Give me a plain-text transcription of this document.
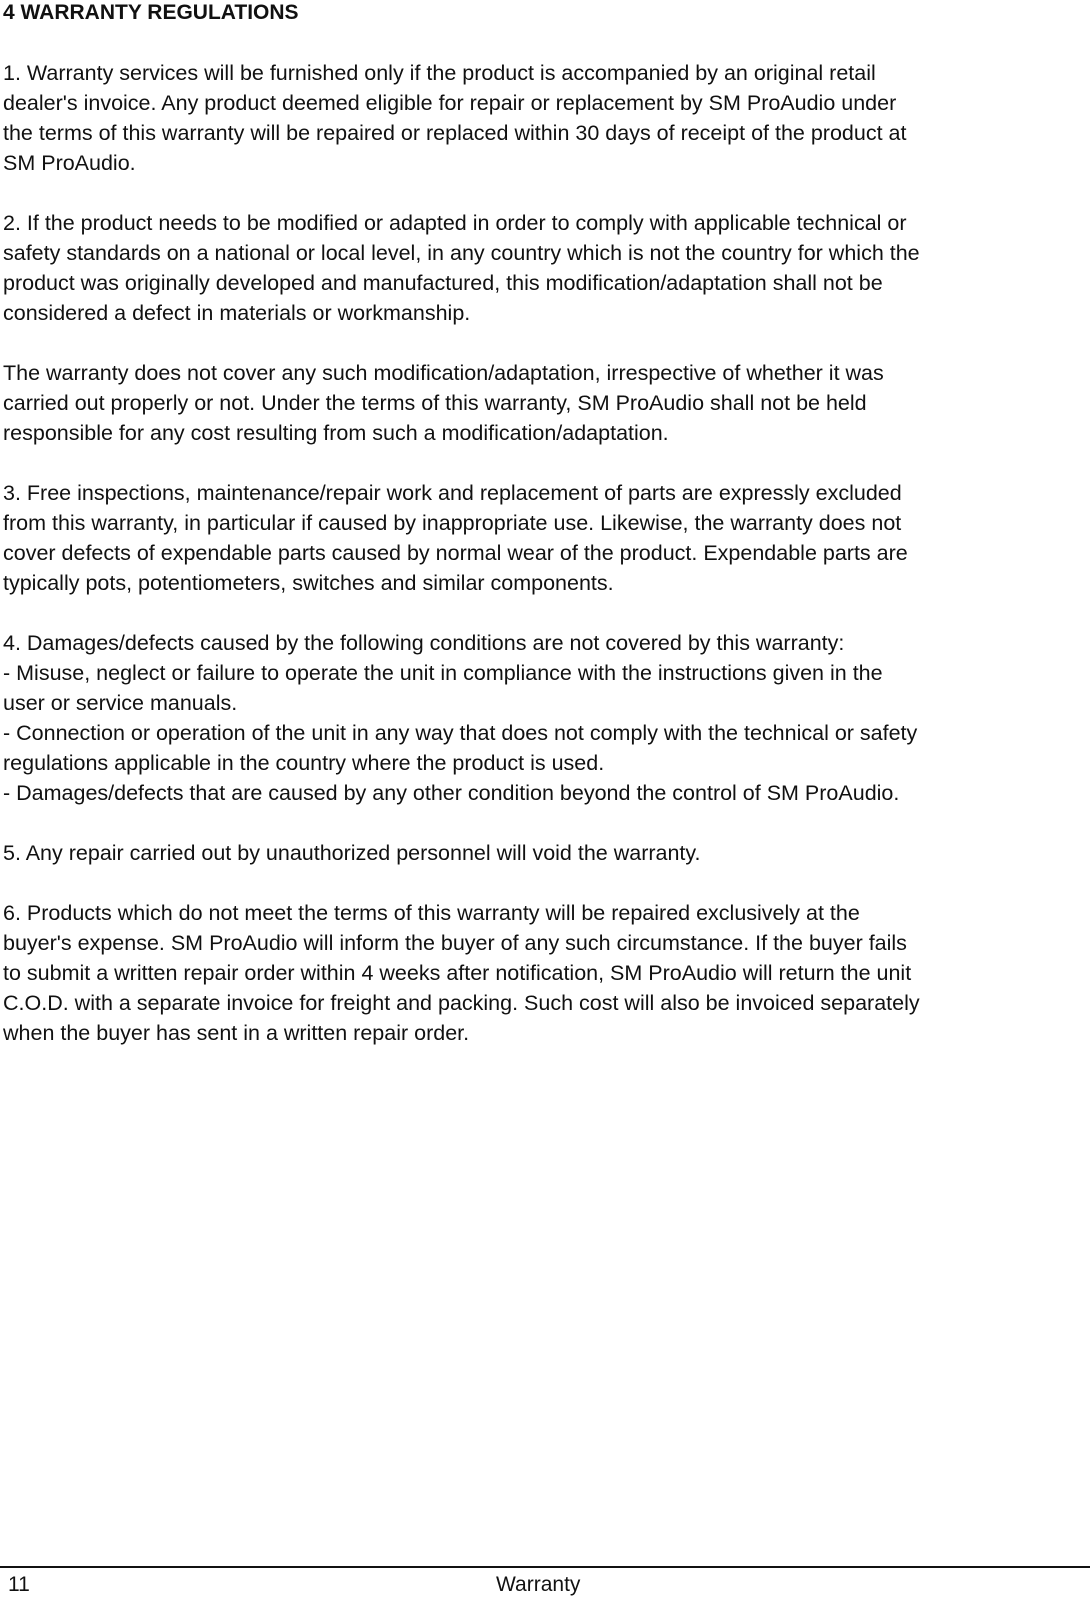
4 WARRANTY REGULATIONS
1. Warranty services will be furnished only if the product is accompanied by an original retail
dealer's invoice. Any product deemed eligible for repair or replacement by SM ProAudio under
the terms of this warranty will be repaired or replaced within 30 days of receipt of the product at
SM ProAudio.
2. If the product needs to be modified or adapted in order to comply with applicable technical or
safety standards on a national or local level, in any country which is not the country for which the
product was originally developed and manufactured, this modification/adaptation shall not be
considered a defect in materials or workmanship.
The warranty does not cover any such modification/adaptation, irrespective of whether it was
carried out properly or not. Under the terms of this warranty, SM ProAudio shall not be held
responsible for any cost resulting from such a modification/adaptation.
3. Free inspections, maintenance/repair work and replacement of parts are expressly excluded
from this warranty, in particular if caused by inappropriate use. Likewise, the warranty does not
cover defects of expendable parts caused by normal wear of the product. Expendable parts are
typically pots, potentiometers, switches and similar components.
4. Damages/defects caused by the following conditions are not covered by this warranty:
- Misuse, neglect or failure to operate the unit in compliance with the instructions given in the
user or service manuals.
- Connection or operation of the unit in any way that does not comply with the technical or safety
regulations applicable in the country where the product is used.
- Damages/defects that are caused by any other condition beyond the control of SM ProAudio.
5. Any repair carried out by unauthorized personnel will void the warranty.
6. Products which do not meet the terms of this warranty will be repaired exclusively at the
buyer's expense. SM ProAudio will inform the buyer of any such circumstance. If the buyer fails
to submit a written repair order within 4 weeks after notification, SM ProAudio will return the unit
C.O.D. with a separate invoice for freight and packing. Such cost will also be invoiced separately
when the buyer has sent in a written repair order.
11	Warranty
